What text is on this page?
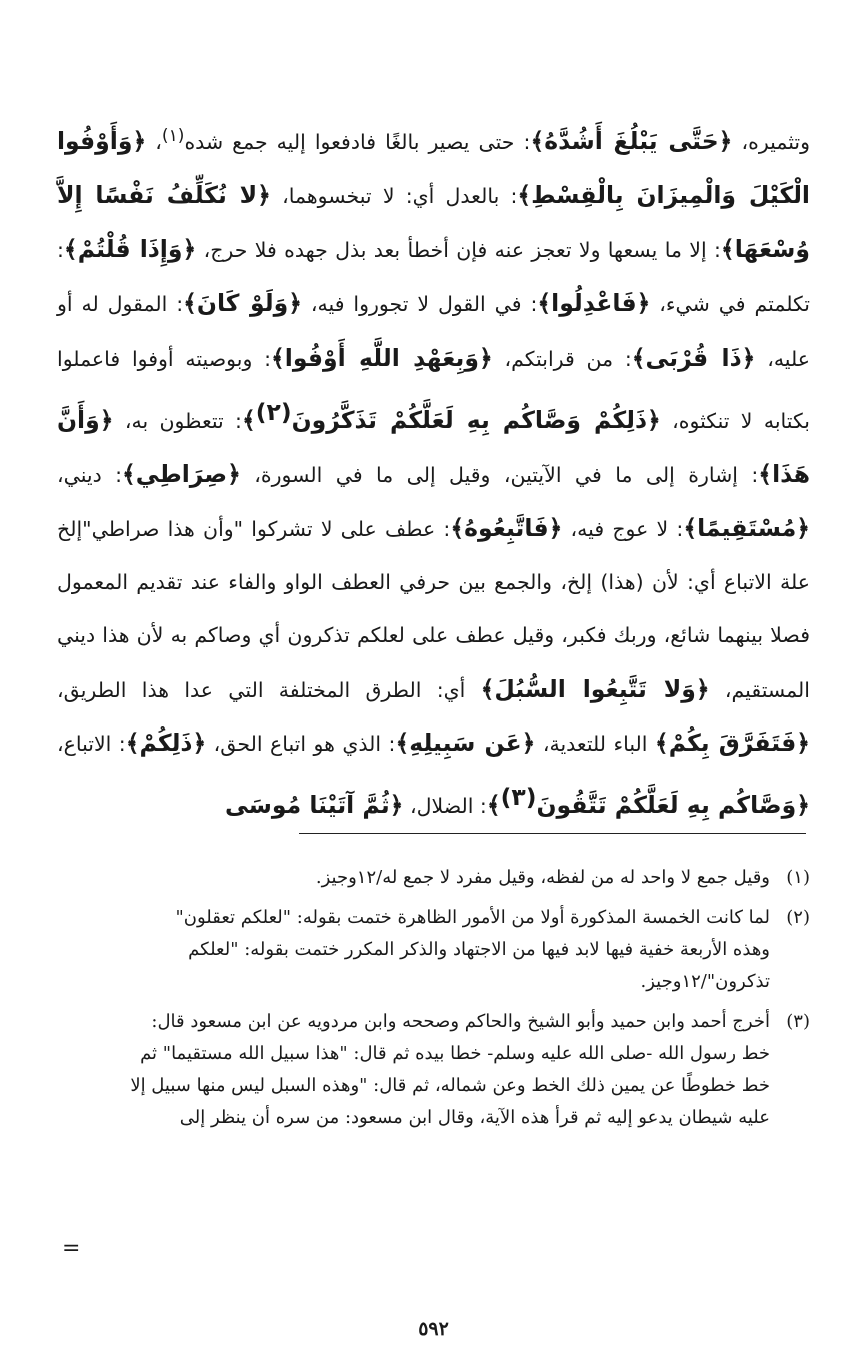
وتثميره، ﴿حَتَّى يَبْلُغَ أَشُدَّهُ﴾: حتى يصير بالغًا فادفعوا إليه جمع شده$^{(١)}$، ﴿وَأَوْفُوا الْكَيْلَ وَالْمِيزَانَ بِالْقِسْطِ﴾: بالعدل أي: لا تبخسوهما، ﴿لا نُكَلِّفُ نَفْسًا إِلاَّ وُسْعَهَا﴾: إلا ما يسعها ولا تعجز عنه فإن أخطأ بعد بذل جهده فلا حرج، ﴿وَإِذَا قُلْتُمْ﴾: تكلمتم في شيء، ﴿فَاعْدِلُوا﴾: في القول لا تجوروا فيه، ﴿وَلَوْ كَانَ﴾: المقول له أو عليه، ﴿ذَا قُرْبَى﴾: من قرابتكم، ﴿وَبِعَهْدِ اللَّهِ أَوْفُوا﴾: وبوصيته أوفوا فاعملوا بكتابه لا تنكثوه، ﴿ذَلِكُمْ وَصَّاكُم بِهِ لَعَلَّكُمْ تَذَكَّرُونَ$^{(٢)}$﴾: تتعظون به، ﴿وَأَنَّ هَذَا﴾: إشارة إلى ما في الآيتين، وقيل إلى ما في السورة، ﴿صِرَاطِي﴾: ديني، ﴿مُسْتَقِيمًا﴾: لا عوج فيه، ﴿فَاتَّبِعُوهُ﴾: عطف على لا تشركوا "وأن هذا صراطي"إلخ علة الاتباع أي: لأن (هذا) إلخ، والجمع بين حرفي العطف الواو والفاء عند تقديم المعمول فصلا بينهما شائع، وربك فكبر، وقيل عطف على لعلكم تذكرون أي وصاكم به لأن هذا ديني المستقيم، ﴿وَلا تَتَّبِعُوا السُّبُلَ﴾ أي: الطرق المختلفة التي عدا هذا الطريق، ﴿فَتَفَرَّقَ بِكُمْ﴾ الباء للتعدية، ﴿عَن سَبِيلِهِ﴾: الذي هو اتباع الحق، ﴿ذَلِكُمْ﴾: الاتباع، ﴿وَصَّاكُم بِهِ لَعَلَّكُمْ تَتَّقُونَ$^{(٣)}$﴾: الضلال، ﴿ثُمَّ آتَيْنَا مُوسَى

(١)
وقيل جمع لا واحد له من لفظه، وقيل مفرد لا جمع له/١٢وجيز.
(٢)
لما كانت الخمسة المذكورة أولا من الأمور الظاهرة ختمت بقوله: "لعلكم تعقلون"
وهذه الأربعة خفية فيها لابد فيها من الاجتهاد والذكر المكرر ختمت بقوله: "لعلكم
تذكرون"/١٢وجيز.
(٣)
أخرج أحمد وابن حميد وأبو الشيخ والحاكم وصححه وابن مردويه عن ابن مسعود قال:
خط رسول الله -صلى الله عليه وسلم- خطا بيده ثم قال: "هذا سبيل الله مستقيما" ثم
خط خطوطًا عن يمين ذلك الخط وعن شماله، ثم قال: "وهذه السبل ليس منها سبيل إلا
عليه شيطان يدعو إليه ثم قرأ هذه الآية، وقال ابن مسعود: من سره أن ينظر إلى
=
٥٩٢
